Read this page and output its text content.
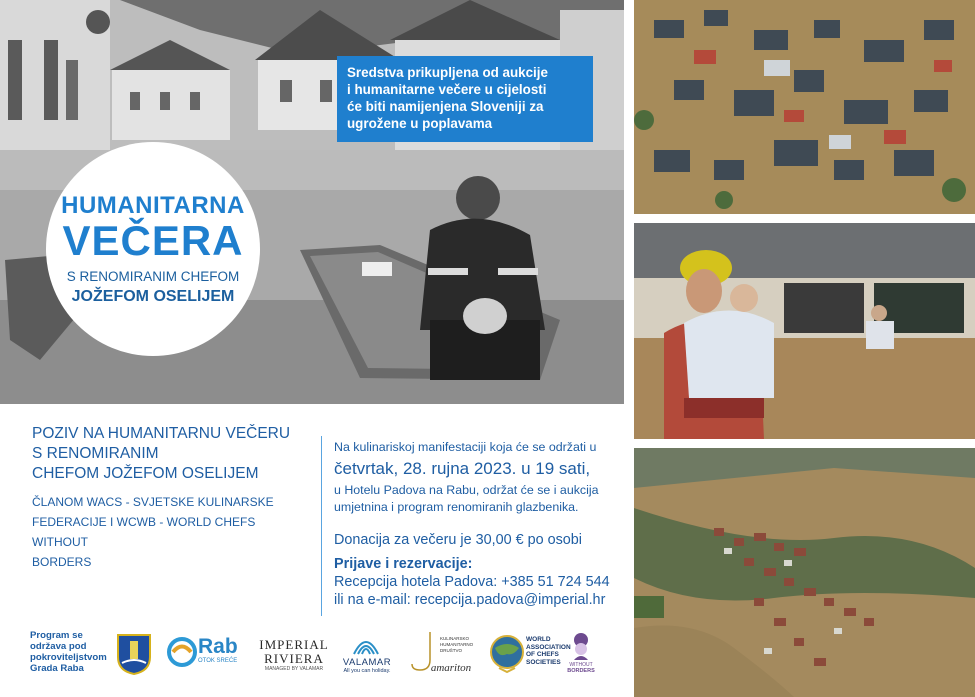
Sredstva prikupljena od aukcije
i humanitarne večere u cijelosti
će biti namijenjena Sloveniji za
ugrožene u poplavama
HUMANITARNA
VEČERA
S RENOMIRANIM CHEFOM
JOŽEFOM OSELIJEM
POZIV NA HUMANITARNU VEČERU
S RENOMIRANIM
CHEFOM JOŽEFOM OSELIJEM
ČLANOM WACS - SVJETSKE KULINARSKE
FEDERACIJE I WCWB - WORLD CHEFS WITHOUT
BORDERS
Na kulinariskoj manifestaciji koja će se održati u
četvrtak, 28. rujna 2023. u 19 sati,
u Hotelu Padova na Rabu, održat će se i aukcija
umjetnina i program renomiranih glazbenika.
Donacija za večeru je 30,00 € po osobi
Prijave i rezervacije:
Recepcija hotela Padova: +385 51 724 544
ili na e-mail: recepcija.padova@imperial.hr
Program se
održava pod
pokroviteljstvom
Grada Raba
Rab
OTOK SREĆE
IMPERIAL
RIVIERA
MANAGED BY VALAMAR
VALAMAR
All you can holiday.
KULINARSKO
HUMANITARNO
DRUŠTVO
amariton
WORLD
ASSOCIATION
OF CHEFS
SOCIETIES	WITHOUT
BORDERS
